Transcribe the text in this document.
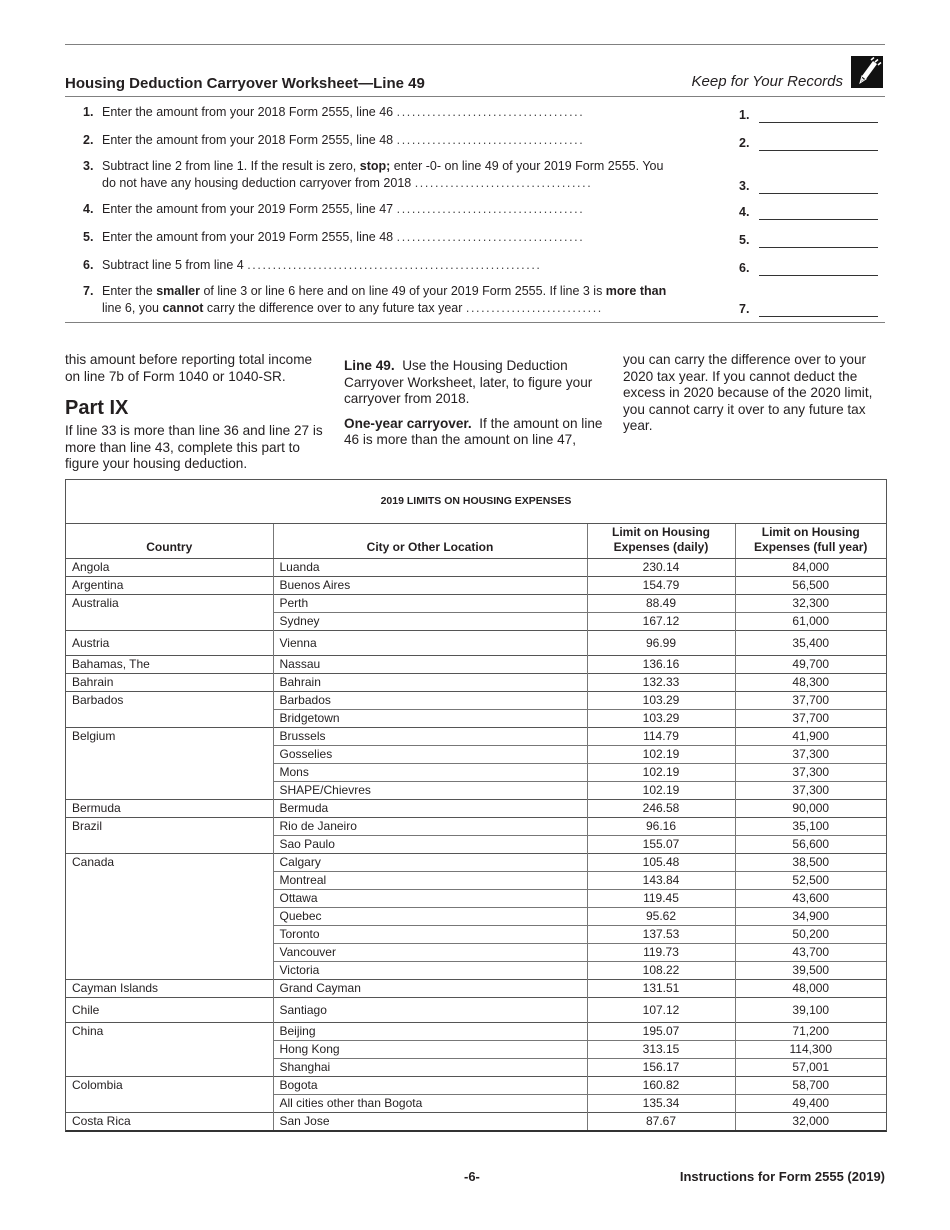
Housing Deduction Carryover Worksheet—Line 49	Keep for Your Records
1. Enter the amount from your 2018 Form 2555, line 46 .....................................	1.
2. Enter the amount from your 2018 Form 2555, line 48 .....................................	2.
3. Subtract line 2 from line 1. If the result is zero, stop; enter -0- on line 49 of your 2019 Form 2555. You
do not have any housing deduction carryover from 2018 ...................................	3.
4. Enter the amount from your 2019 Form 2555, line 47 .....................................	4.
5. Enter the amount from your 2019 Form 2555, line 48 .....................................	5.
6. Subtract line 5 from line 4 ..........................................................	6.
7. Enter the smaller of line 3 or line 6 here and on line 49 of your 2019 Form 2555. If line 3 is more than
line 6, you cannot carry the difference over to any future tax year ...........................	7.

this amount before reporting total income on line 7b of Form 1040 or 1040-SR.

Part IX

If line 33 is more than line 36 and line 27 is more than line 43, complete this part to figure your housing deduction.

Line 49. Use the Housing Deduction Carryover Worksheet, later, to figure your carryover from 2018.

One-year carryover. If the amount on line 46 is more than the amount on line 47,

you can carry the difference over to your 2020 tax year. If you cannot deduct the excess in 2020 because of the 2020 limit, you cannot carry it over to any future tax year.

2019 LIMITS ON HOUSING EXPENSES
Country	City or Other Location	Limit on Housing Expenses (daily)	Limit on Housing Expenses (full year)
Angola	Luanda	230.14	84,000
Argentina	Buenos Aires	154.79	56,500
Australia	Perth	88.49	32,300
	Sydney	167.12	61,000
Austria	Vienna	96.99	35,400
Bahamas, The	Nassau	136.16	49,700
Bahrain	Bahrain	132.33	48,300
Barbados	Barbados	103.29	37,700
	Bridgetown	103.29	37,700
Belgium	Brussels	114.79	41,900
	Gosselies	102.19	37,300
	Mons	102.19	37,300
	SHAPE/Chievres	102.19	37,300
Bermuda	Bermuda	246.58	90,000
Brazil	Rio de Janeiro	96.16	35,100
	Sao Paulo	155.07	56,600
Canada	Calgary	105.48	38,500
	Montreal	143.84	52,500
	Ottawa	119.45	43,600
	Quebec	95.62	34,900
	Toronto	137.53	50,200
	Vancouver	119.73	43,700
	Victoria	108.22	39,500
Cayman Islands	Grand Cayman	131.51	48,000
Chile	Santiago	107.12	39,100
China	Beijing	195.07	71,200
	Hong Kong	313.15	114,300
	Shanghai	156.17	57,001
Colombia	Bogota	160.82	58,700
	All cities other than Bogota	135.34	49,400
Costa Rica	San Jose	87.67	32,000
-6-	Instructions for Form 2555 (2019)
